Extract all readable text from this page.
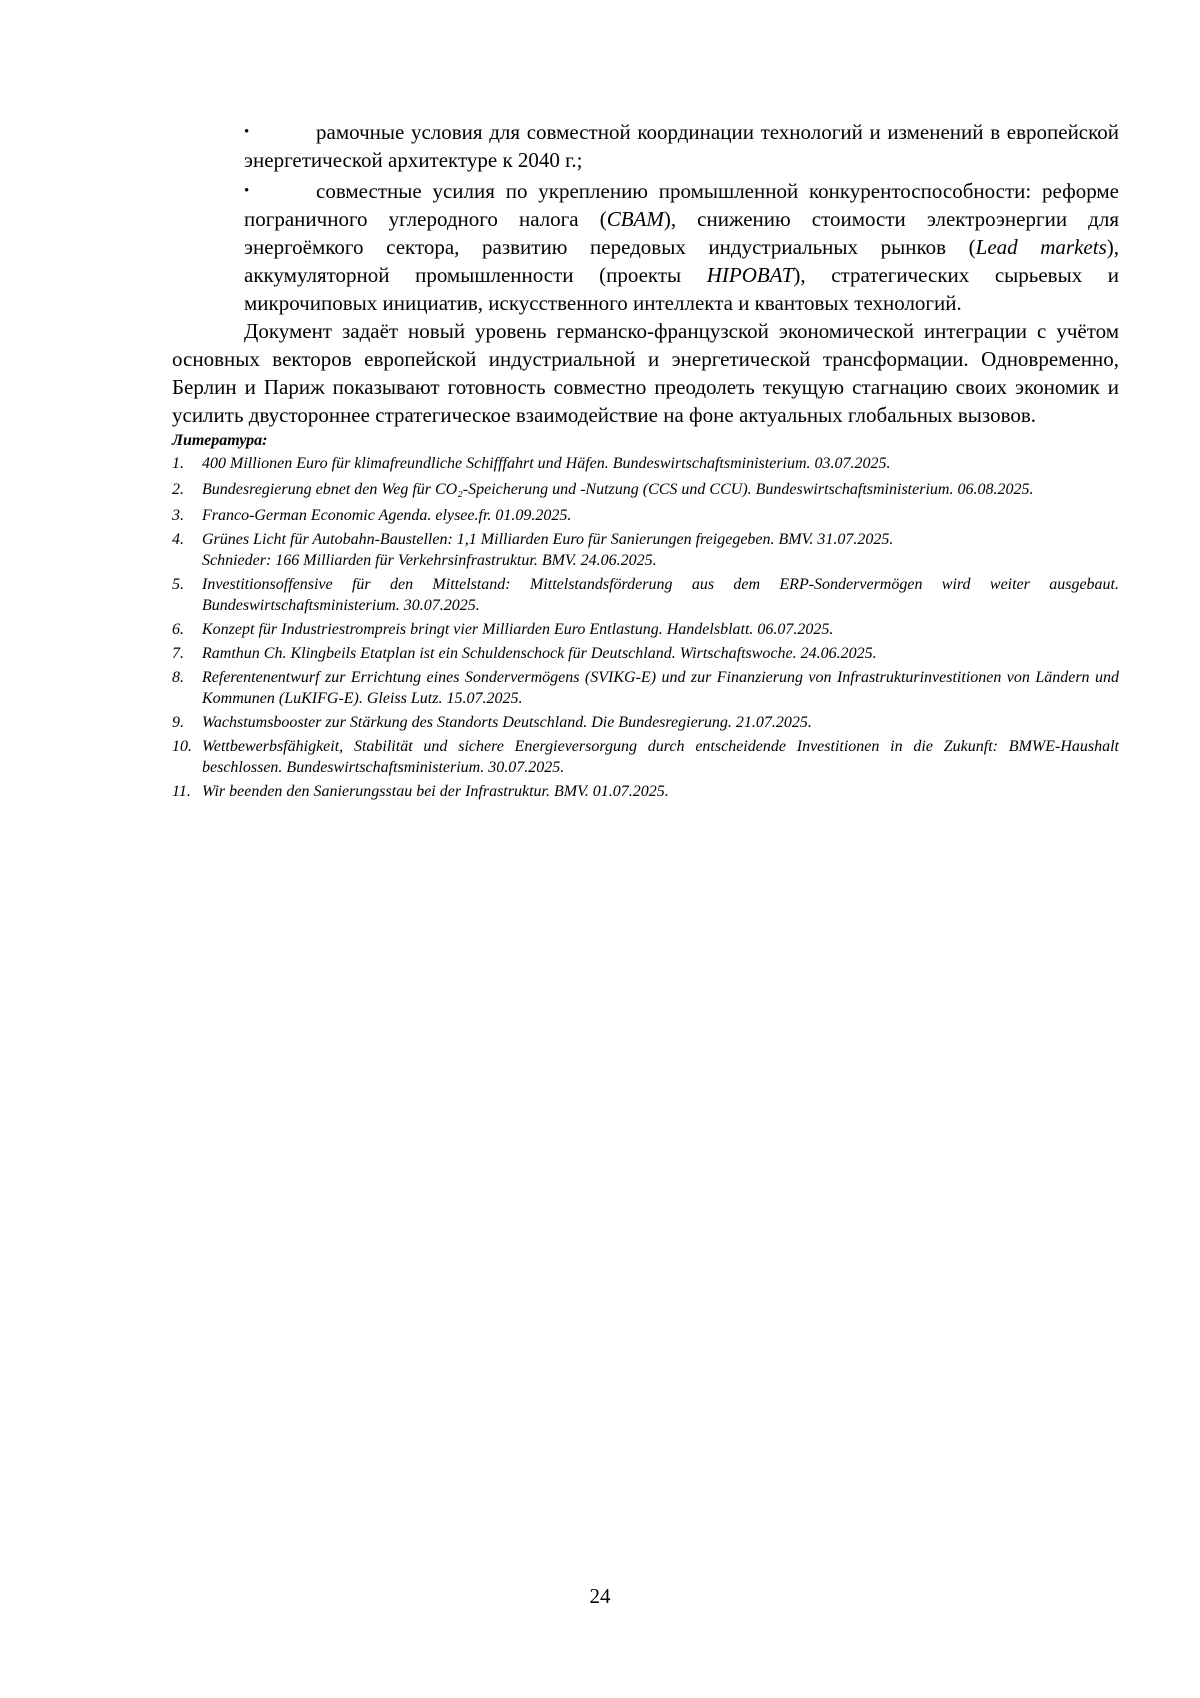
•	рамочные условия для совместной координации технологий и изменений в европейской энергетической архитектуре к 2040 г.;
•	совместные усилия по укреплению промышленной конкурентоспособности: реформе пограничного углеродного налога (CBAM), снижению стоимости электроэнергии для энергоёмкого сектора, развитию передовых индустриальных рынков (Lead markets), аккумуляторной промышленности (проекты HIPOBAT), стратегических сырьевых и микрочиповых инициатив, искусственного интеллекта и квантовых технологий.

Документ задаёт новый уровень германско-французской экономической интеграции с учётом основных векторов европейской индустриальной и энергетической трансформации. Одновременно, Берлин и Париж показывают готовность совместно преодолеть текущую стагнацию своих экономик и усилить двустороннее стратегическое взаимодействие на фоне актуальных глобальных вызовов.

Литература:
1. 400 Millionen Euro für klimafreundliche Schifffahrt und Häfen. Bundeswirtschaftsministerium. 03.07.2025.
2. Bundesregierung ebnet den Weg für CO₂-Speicherung und -Nutzung (CCS und CCU). Bundeswirtschaftsministerium. 06.08.2025.
3. Franco-German Economic Agenda. elysee.fr. 01.09.2025.
4. Grünes Licht für Autobahn-Baustellen: 1,1 Milliarden Euro für Sanierungen freigegeben. BMV. 31.07.2025.
Schnieder: 166 Milliarden für Verkehrsinfrastruktur. BMV. 24.06.2025.
5. Investitionsoffensive für den Mittelstand: Mittelstandsförderung aus dem ERP-Sondervermögen wird weiter ausgebaut. Bundeswirtschaftsministerium. 30.07.2025.
6. Konzept für Industriestrompreis bringt vier Milliarden Euro Entlastung. Handelsblatt. 06.07.2025.
7. Ramthun Ch. Klingbeils Etatplan ist ein Schuldenschock für Deutschland. Wirtschaftswoche. 24.06.2025.
8. Referentenentwurf zur Errichtung eines Sondervermögens (SVIKG-E) und zur Finanzierung von Infrastrukturinvestitionen von Ländern und Kommunen (LuKIFG-E). Gleiss Lutz. 15.07.2025.
9. Wachstumsbooster zur Stärkung des Standorts Deutschland. Die Bundesregierung. 21.07.2025.
10. Wettbewerbsfähigkeit, Stabilität und sichere Energieversorgung durch entscheidende Investitionen in die Zukunft: BMWE-Haushalt beschlossen. Bundeswirtschaftsministerium. 30.07.2025.
11. Wir beenden den Sanierungsstau bei der Infrastruktur. BMV. 01.07.2025.
24
